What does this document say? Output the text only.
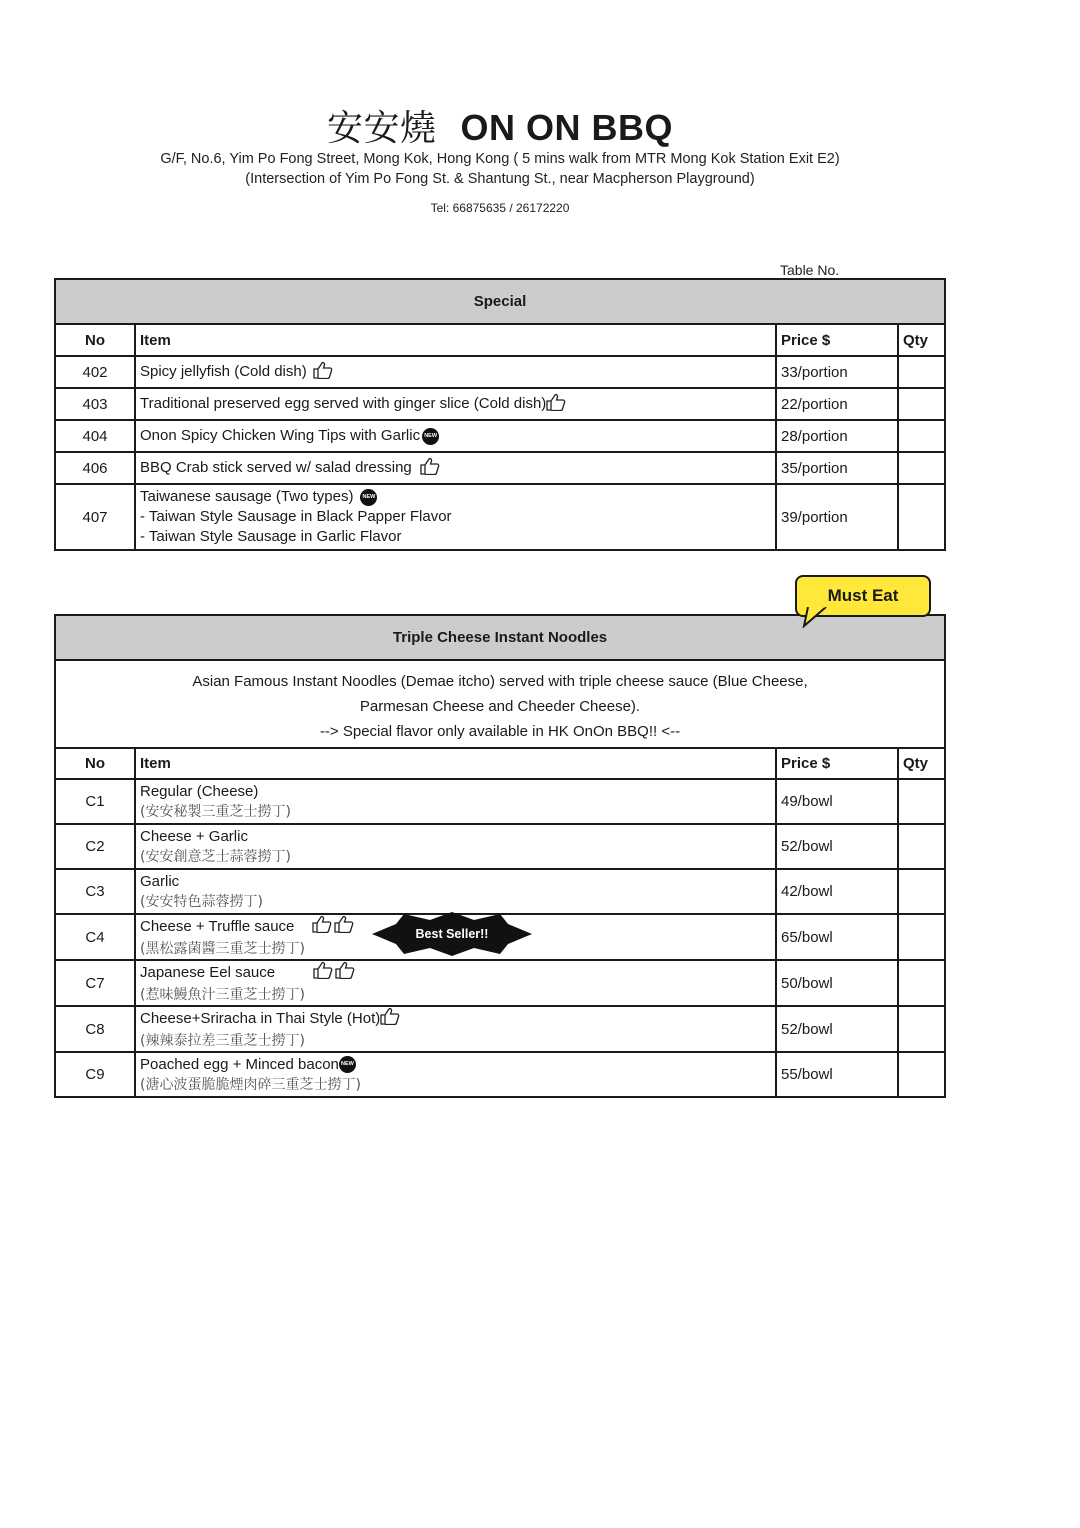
安安燒 ON ON BBQ
G/F, No.6, Yim Po Fong Street, Mong Kok, Hong Kong ( 5 mins walk from MTR Mong Kok Station Exit E2)
(Intersection of Yim Po Fong St. & Shantung St., near Macpherson Playground)
Tel: 66875635 / 26172220
Table No.
Special			
No	Item	Price $	Qty
402	Spicy jellyfish (Cold dish)	33/portion	
403	Traditional preserved egg served with ginger slice (Cold dish)	22/portion	
404	Onon Spicy Chicken Wing Tips with Garlic NEW	28/portion	
406	BBQ Crab stick served w/ salad dressing	35/portion	
407	Taiwanese sausage (Two types) NEW
- Taiwan Style Sausage in Black Papper Flavor
- Taiwan Style Sausage in Garlic Flavor	39/portion	
Must Eat
Triple Cheese Instant Noodles			

Asian Famous Instant Noodles (Demae itcho) served with triple cheese sauce (Blue Cheese,
Parmesan Cheese and Cheeder Cheese).
--> Special flavor only available in HK OnOn BBQ!! <--			

No	Item	Price $	Qty
C1	Regular (Cheese)
(安安秘製三重芝士撈丁)	49/bowl	
C2	Cheese + Garlic
(安安創意芝士蒜蓉撈丁)	52/bowl	
C3	Garlic
(安安特色蒜蓉撈丁)	42/bowl	
C4	Cheese + Truffle sauce
(黑松露菌醬三重芝士撈丁)	65/bowl	
C7	Japanese Eel sauce
(惹味鰻魚汁三重芝士撈丁)	50/bowl	
C8	Cheese+Sriracha in Thai Style (Hot)
(辣辣泰拉差三重芝士撈丁)	52/bowl	
C9	Poached egg + Minced bacon NEW
(溏心波蛋脆脆煙肉碎三重芝士撈丁)	55/bowl	
Best Seller!!
